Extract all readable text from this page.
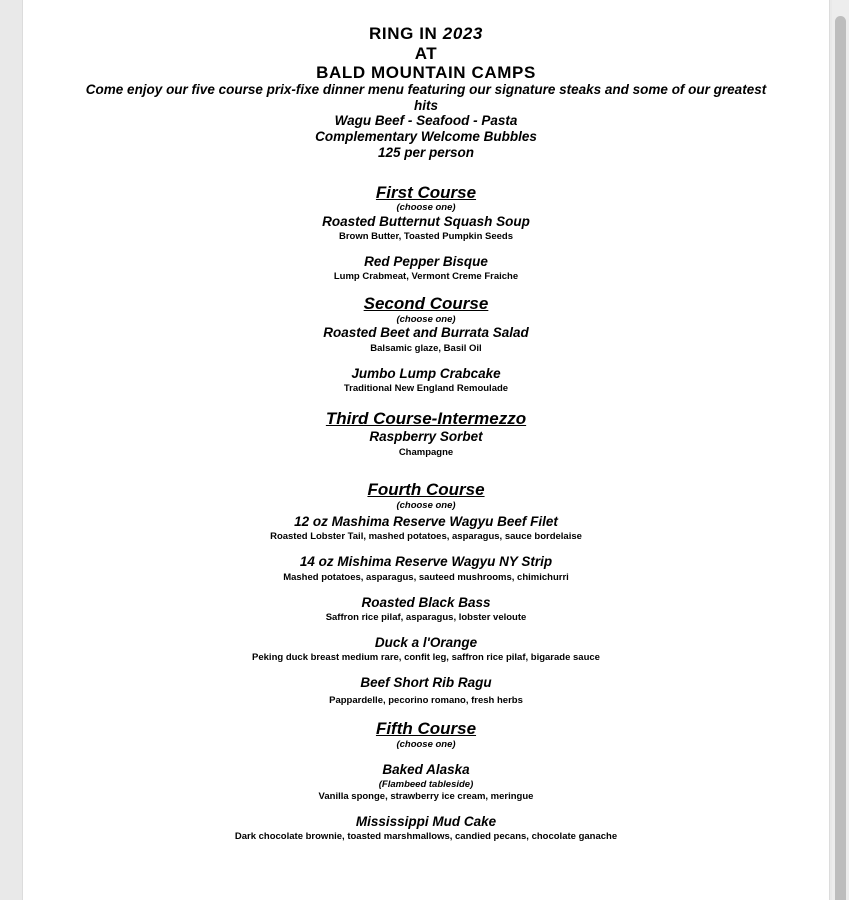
RING IN 2023
AT
BALD MOUNTAIN CAMPS
Come enjoy our five course prix-fixe dinner menu featuring our signature steaks and some of our greatest
hits
Wagu Beef - Seafood - Pasta
Complementary Welcome Bubbles
125 per person
First Course
(choose one)
Roasted Butternut Squash Soup
Brown Butter, Toasted Pumpkin Seeds
Red Pepper Bisque
Lump Crabmeat, Vermont Creme Fraiche
Second Course
(choose one)
Roasted Beet and Burrata Salad
Balsamic glaze, Basil Oil
Jumbo Lump Crabcake
Traditional New England Remoulade
Third Course-Intermezzo
Raspberry Sorbet
Champagne
Fourth Course
(choose one)
12 oz Mashima Reserve Wagyu Beef Filet
Roasted Lobster Tail, mashed potatoes, asparagus, sauce bordelaise
14 oz Mishima Reserve Wagyu NY Strip
Mashed potatoes, asparagus, sauteed mushrooms, chimichurri
Roasted Black Bass
Saffron rice pilaf, asparagus, lobster veloute
Duck a l'Orange
Peking duck breast medium rare, confit leg, saffron rice pilaf, bigarade sauce
Beef Short Rib Ragu
Pappardelle, pecorino romano, fresh herbs
Fifth Course
(choose one)
Baked Alaska
(Flambeed tableside)
Vanilla sponge, strawberry ice cream, meringue
Mississippi Mud Cake
Dark chocolate brownie, toasted marshmallows, candied pecans, chocolate ganache
